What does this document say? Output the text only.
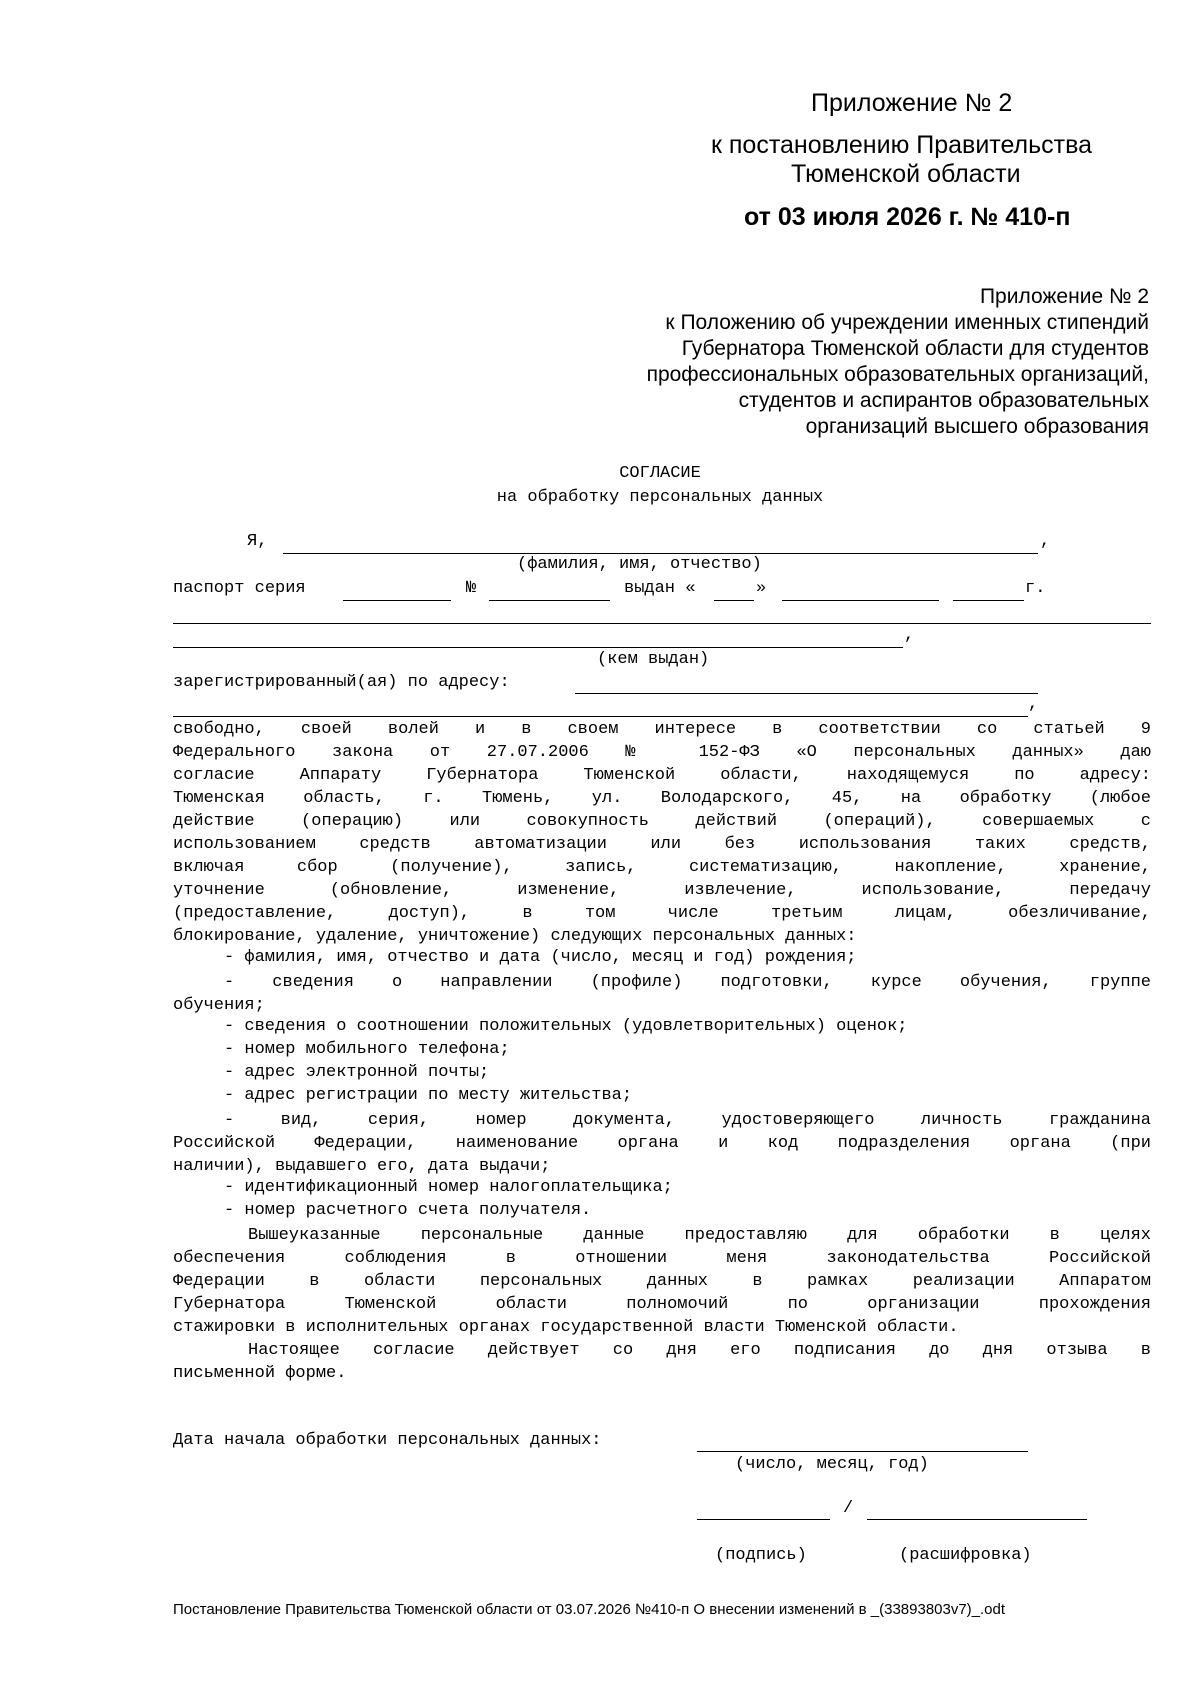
Приложение № 2
к постановлению Правительства
Тюменской области
от 03 июля 2026 г. № 410-п
Приложение № 2
к Положению об учреждении именных стипендий
Губернатора Тюменской области для студентов
профессиональных образовательных организаций,
студентов и аспирантов образовательных
организаций высшего образования
СОГЛАСИЕ
на обработку персональных данных
Я,	,
(фамилия, имя, отчество)
паспорт серия	№	выдан «	»	г.
,
(кем выдан)
зарегистрированный(ая) по адресу:
,
свободно, своей волей и в своем интересе в соответствии со статьей 9
Федерального закона от 27.07.2006 № 152-ФЗ «О персональных данных» даю
согласие Аппарату Губернатора Тюменской области, находящемуся по адресу:
Тюменская область, г. Тюмень, ул. Володарского, 45, на обработку (любое
действие (операцию) или совокупность действий (операций), совершаемых с
использованием средств автоматизации или без использования таких средств,
включая сбор (получение), запись, систематизацию, накопление, хранение,
уточнение (обновление, изменение, извлечение, использование, передачу
(предоставление, доступ), в том числе третьим лицам, обезличивание,
блокирование, удаление, уничтожение) следующих персональных данных:
- фамилия, имя, отчество и дата (число, месяц и год) рождения;
- сведения о направлении (профиле) подготовки, курсе обучения, группе
обучения;
- сведения о соотношении положительных (удовлетворительных) оценок;
- номер мобильного телефона;
- адрес электронной почты;
- адрес регистрации по месту жительства;
- вид, серия, номер документа, удостоверяющего личность гражданина
Российской Федерации, наименование органа и код подразделения органа (при
наличии), выдавшего его, дата выдачи;
- идентификационный номер налогоплательщика;
- номер расчетного счета получателя.
Вышеуказанные персональные данные предоставляю для обработки в целях
обеспечения соблюдения в отношении меня законодательства Российской
Федерации в области персональных данных в рамках реализации Аппаратом
Губернатора Тюменской области полномочий по организации прохождения
стажировки в исполнительных органах государственной власти Тюменской области.
Настоящее согласие действует со дня его подписания до дня отзыва в
письменной форме.
Дата начала обработки персональных данных:
(число, месяц, год)
/
(подпись)	(расшифровка)
Постановление Правительства Тюменской области от 03.07.2026 №410-п О внесении изменений в _(33893803v7)_.odt
